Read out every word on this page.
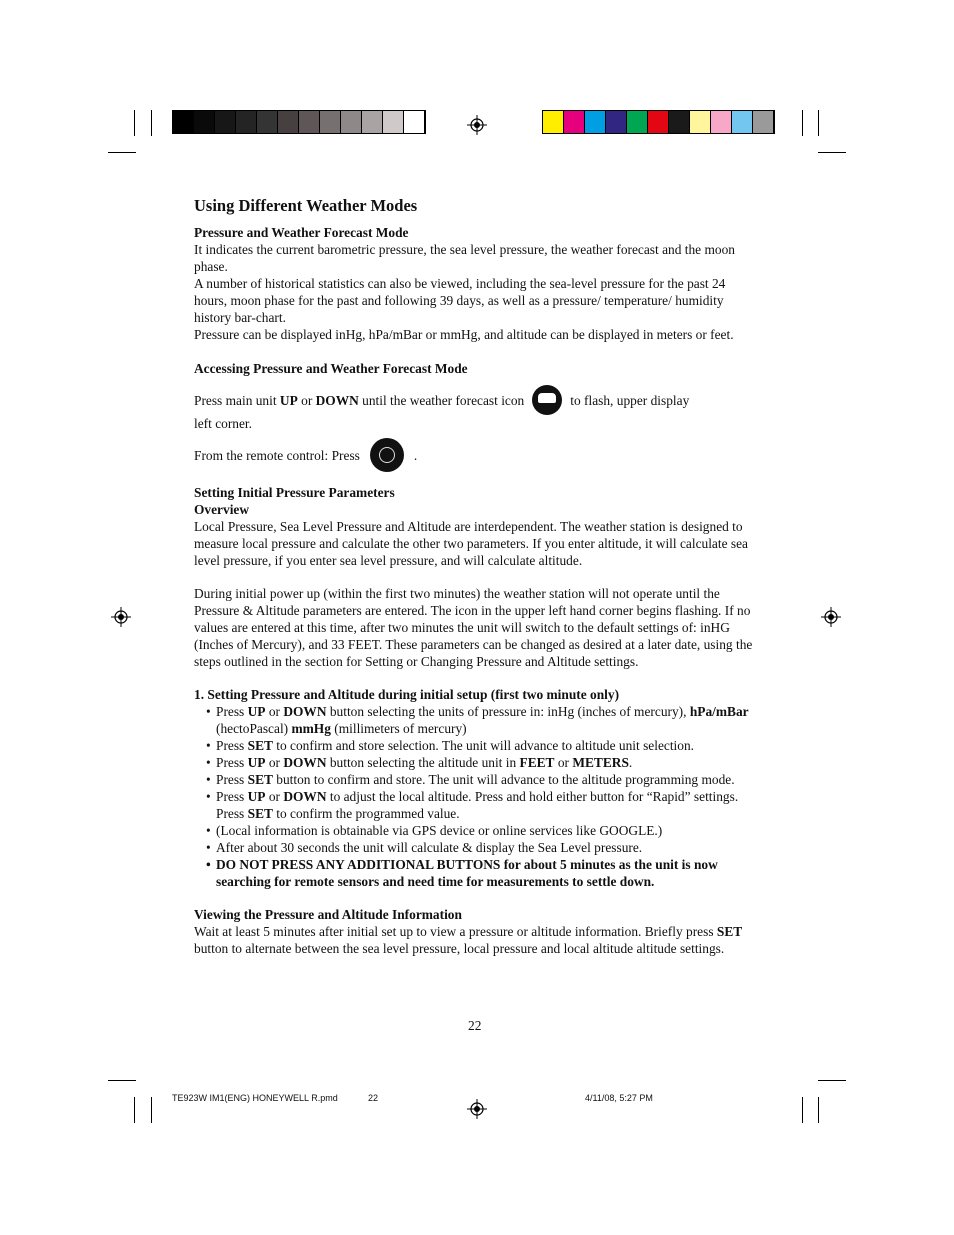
Using Different Weather Modes
Pressure and Weather Forecast Mode

It indicates the current barometric pressure, the sea level pressure, the weather forecast and the moon phase.

A number of historical statistics can also be viewed, including the sea-level pressure for the past 24 hours, moon phase for the past and following 39 days, as well as a pressure/ temperature/ humidity history bar-chart.

Pressure can be displayed inHg, hPa/mBar or mmHg, and altitude can be displayed in meters or feet.

Accessing Pressure and Weather Forecast Mode

Press main unit UP or DOWN until the weather forecast icon	to flash, upper display

left corner.

From the remote control: Press	.

Setting Initial Pressure Parameters
Overview

Local Pressure, Sea Level Pressure and Altitude are interdependent. The weather station is designed to measure local pressure and calculate the other two parameters. If you enter altitude, it will calculate sea level pressure, if you enter sea level pressure, and will calculate altitude.

During initial power up (within the first two minutes) the weather station will not operate until the Pressure & Altitude parameters are entered. The icon in the upper left hand corner begins flashing. If no values are entered at this time, after two minutes the unit will switch to the default settings of: inHG (Inches of Mercury), and 33 FEET. These parameters can be changed as desired at a later date, using the steps outlined in the section for Setting or Changing Pressure and Altitude settings.

1. Setting Pressure and Altitude during initial setup (first two minute only)
• Press UP or DOWN button selecting the units of pressure in: inHg (inches of mercury), hPa/mBar (hectoPascal) mmHg (millimeters of mercury)
• Press SET to confirm and store selection. The unit will advance to altitude unit selection.
• Press UP or DOWN button selecting the altitude unit in FEET or METERS.
• Press SET button to confirm and store. The unit will advance to the altitude programming mode.
• Press UP or DOWN to adjust the local altitude. Press and hold either button for “Rapid” settings. Press SET to confirm the programmed value.
• (Local information is obtainable via GPS device or online services like GOOGLE.)
• After about 30 seconds the unit will calculate & display the Sea Level pressure.
• DO NOT PRESS ANY ADDITIONAL BUTTONS for about 5 minutes as the unit is now searching for remote sensors and need time for measurements to settle down.
Viewing the Pressure and Altitude Information

Wait at least 5 minutes after initial set up to view a pressure or altitude information. Briefly press SET button to alternate between the sea level pressure, local pressure and local altitude altitude settings.

22
TE923W IM1(ENG) HONEYWELL R.pmd	22	4/11/08, 5:27 PM
